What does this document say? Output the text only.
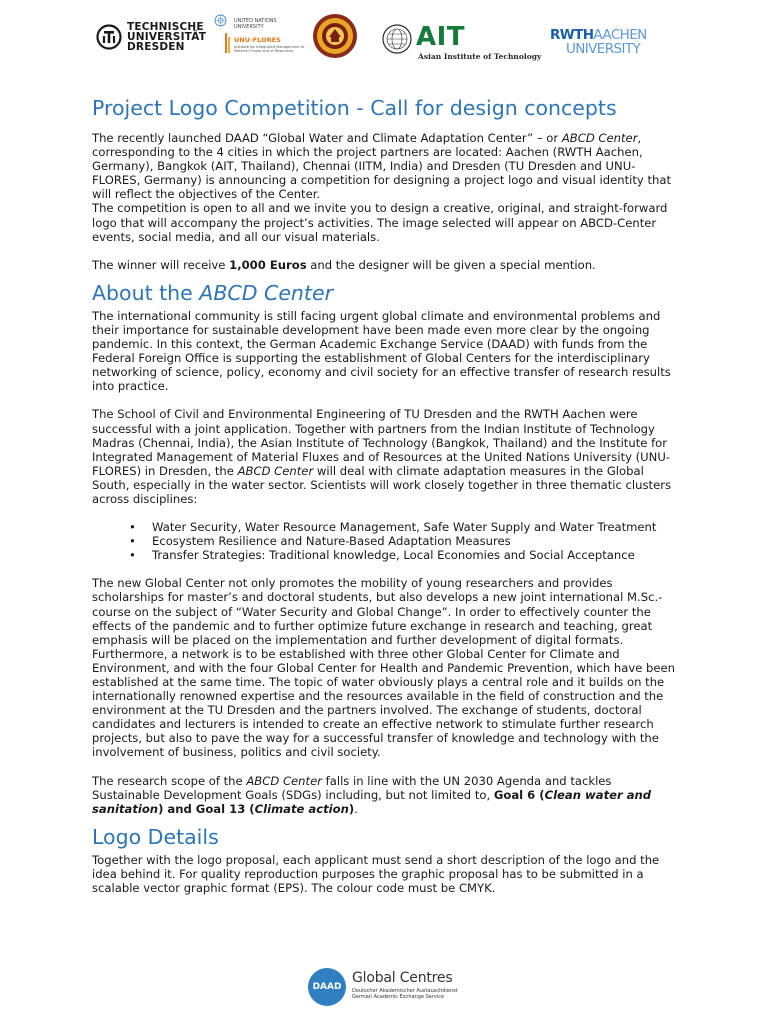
TECHNISCHE
UNIVERSITÄT
DRESDEN
UNITED NATIONS
UNIVERSITY
UNU-FLORES
Institute for Integrated Management of
Material Fluxes and of Resources	AIT
Asian Institute of Technology
RWTHAACHEN
UNIVERSITY
Project Logo Competition - Call for design concepts

The recently launched DAAD “Global Water and Climate Adaptation Center” – or ABCD Center, corresponding to the 4 cities in which the project partners are located: Aachen (RWTH Aachen, Germany), Bangkok (AIT, Thailand), Chennai (IITM, India) and Dresden (TU Dresden and UNU-FLORES, Germany) is announcing a competition for designing a project logo and visual identity that will reflect the objectives of the Center.

The competition is open to all and we invite you to design a creative, original, and straight-forward logo that will accompany the project’s activities. The image selected will appear on ABCD-Center events, social media, and all our visual materials.

The winner will receive 1,000 Euros and the designer will be given a special mention.

About the ABCD Center

The international community is still facing urgent global climate and environmental problems and their importance for sustainable development have been made even more clear by the ongoing pandemic. In this context, the German Academic Exchange Service (DAAD) with funds from the Federal Foreign Office is supporting the establishment of Global Centers for the interdisciplinary networking of science, policy, economy and civil society for an effective transfer of research results into practice.

The School of Civil and Environmental Engineering of TU Dresden and the RWTH Aachen were successful with a joint application. Together with partners from the Indian Institute of Technology Madras (Chennai, India), the Asian Institute of Technology (Bangkok, Thailand) and the Institute for Integrated Management of Material Fluxes and of Resources at the United Nations University (UNU-FLORES) in Dresden, the ABCD Center will deal with climate adaptation measures in the Global South, especially in the water sector. Scientists will work closely together in three thematic clusters across disciplines:

• Water Security, Water Resource Management, Safe Water Supply and Water Treatment
• Ecosystem Resilience and Nature-Based Adaptation Measures
• Transfer Strategies: Traditional knowledge, Local Economies and Social Acceptance

The new Global Center not only promotes the mobility of young researchers and provides scholarships for master’s and doctoral students, but also develops a new joint international M.Sc.-course on the subject of “Water Security and Global Change”. In order to effectively counter the effects of the pandemic and to further optimize future exchange in research and teaching, great emphasis will be placed on the implementation and further development of digital formats. Furthermore, a network is to be established with three other Global Center for Climate and Environment, and with the four Global Center for Health and Pandemic Prevention, which have been established at the same time. The topic of water obviously plays a central role and it builds on the internationally renowned expertise and the resources available in the field of construction and the environment at the TU Dresden and the partners involved. The exchange of students, doctoral candidates and lecturers is intended to create an effective network to stimulate further research projects, but also to pave the way for a successful transfer of knowledge and technology with the involvement of business, politics and civil society.

The research scope of the ABCD Center falls in line with the UN 2030 Agenda and tackles Sustainable Development Goals (SDGs) including, but not limited to, Goal 6 (Clean water and sanitation) and Goal 13 (Climate action).

Logo Details

Together with the logo proposal, each applicant must send a short description of the logo and the idea behind it. For quality reproduction purposes the graphic proposal has to be submitted in a scalable vector graphic format (EPS). The colour code must be CMYK.

DAAD
Global Centres
Deutscher Akademischer Austauschdienst
German Academic Exchange Service
